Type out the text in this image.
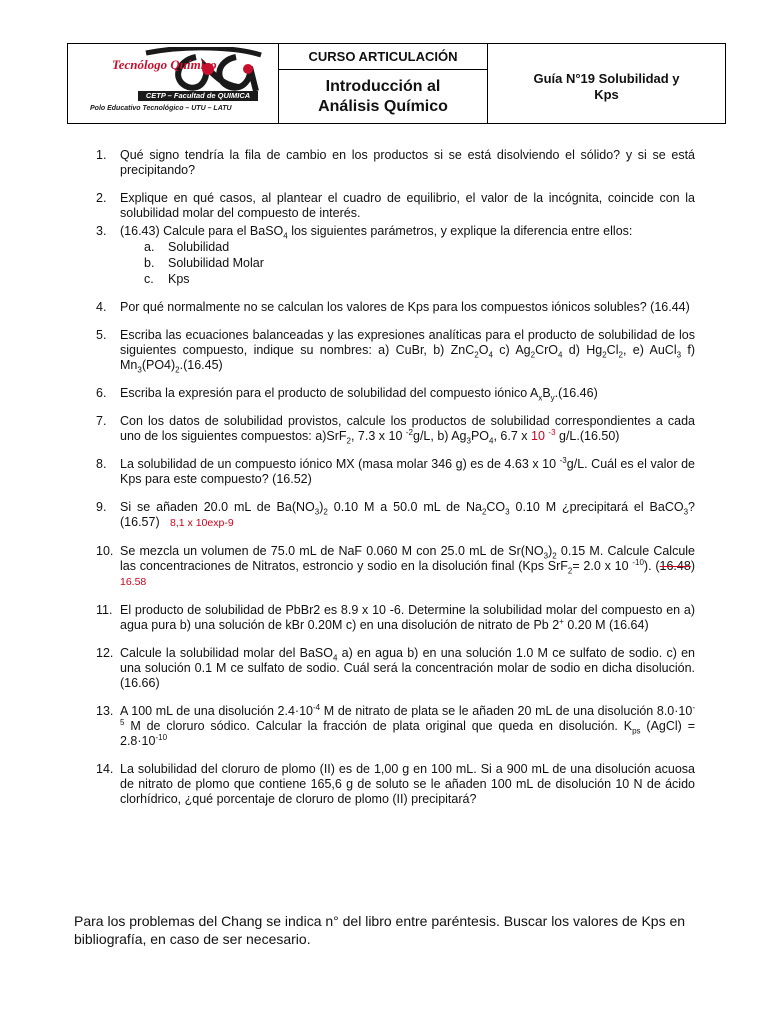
Tecnólogo Químico
CETP – Facultad de QUIMICA
Polo Educativo Tecnológico – UTU – LATU
CURSO ARTICULACIÓN
Introducción al
Análisis Químico
Guía N°19 Solubilidad y
Kps
1. Qué signo tendría la fila de cambio en los productos si se está disolviendo el sólido? y si se está precipitando?
2. Explique en qué casos, al plantear el cuadro de equilibrio, el valor de la incógnita, coincide con la solubilidad molar del compuesto de interés.
3. (16.43) Calcule para el BaSO$_4$ los siguientes parámetros, y explique la diferencia entre ellos:
a. Solubilidad
b. Solubilidad Molar
c. Kps
4. Por qué normalmente no se calculan los valores de Kps para los compuestos iónicos solubles? (16.44)
5. Escriba las ecuaciones balanceadas y las expresiones analíticas para el producto de solubilidad de los siguientes compuesto, indique su nombres: a) CuBr, b) $ZnC_2O_4$ c) $Ag_2CrO_4$ d) $Hg_2Cl_2$, e) AuCl$_3$ f) $Mn_3(PO4)_2.(16.45)$
6. Escriba la expresión para el producto de solubilidad del compuesto iónico $A_xB_y.(16.46)$
7. Con los datos de solubilidad provistos, calcule los productos de solubilidad correspondientes a cada uno de los siguientes compuestos: a)SrF$_2$, 7.3 x 10 $^{-2}$g/L, b) $Ag_3PO_4$, 6.7 x 10 $^{-3}$ g/L.(16.50)
8. La solubilidad de un compuesto iónico MX (masa molar 346 g) es de 4.63 x 10 $^{-3}$g/L. Cuál es el valor de Kps para este compuesto? (16.52)
9. Si se añaden 20.0 mL de $Ba(NO_3)_2$ 0.10 M a 50.0 mL de $Na_2CO_3$ 0.10 M ¿precipitará el BaCO$_3$? (16.57) 8,1 x 10exp-9
10. Se mezcla un volumen de 75.0 mL de NaF 0.060 M con 25.0 mL de $Sr(NO_3)_2$ 0.15 M. Calcule Calcule las concentraciones de Nitratos, estroncio y sodio en la disolución final (Kps SrF$_2$= 2.0 x 10 $^{-10}$). (16.48) 16.58
11. El producto de solubilidad de PbBr2 es 8.9 x 10 -6. Determine la solubilidad molar del compuesto en a) agua pura b) una solución de kBr 0.20M c) en una disolución de nitrato de Pb 2+ 0.20 M (16.64)
12. Calcule la solubilidad molar del BaSO$_4$ a) en agua b) en una solución 1.0 M ce sulfato de sodio. c) en una solución 0.1 M ce sulfato de sodio. Cuál será la concentración molar de sodio en dicha disolución. (16.66)
13. A 100 mL de una disolución $2.4\cdot 10^{-4}$ M de nitrato de plata se le añaden 20 mL de una disolución $8.0\cdot 10^{-5}$ M de cloruro sódico. Calcular la fracción de plata original que queda en disolución. $K_{ps}$ (AgCl) = $2.8\cdot 10^{-10}$
14. La solubilidad del cloruro de plomo (II) es de 1,00 g en 100 mL. Si a 900 mL de una disolución acuosa de nitrato de plomo que contiene 165,6 g de soluto se le añaden 100 mL de disolución 10 N de ácido clorhídrico, ¿qué porcentaje de cloruro de plomo (II) precipitará?
Para los problemas del Chang se indica n° del libro entre paréntesis. Buscar los valores de Kps en bibliografía, en caso de ser necesario.
